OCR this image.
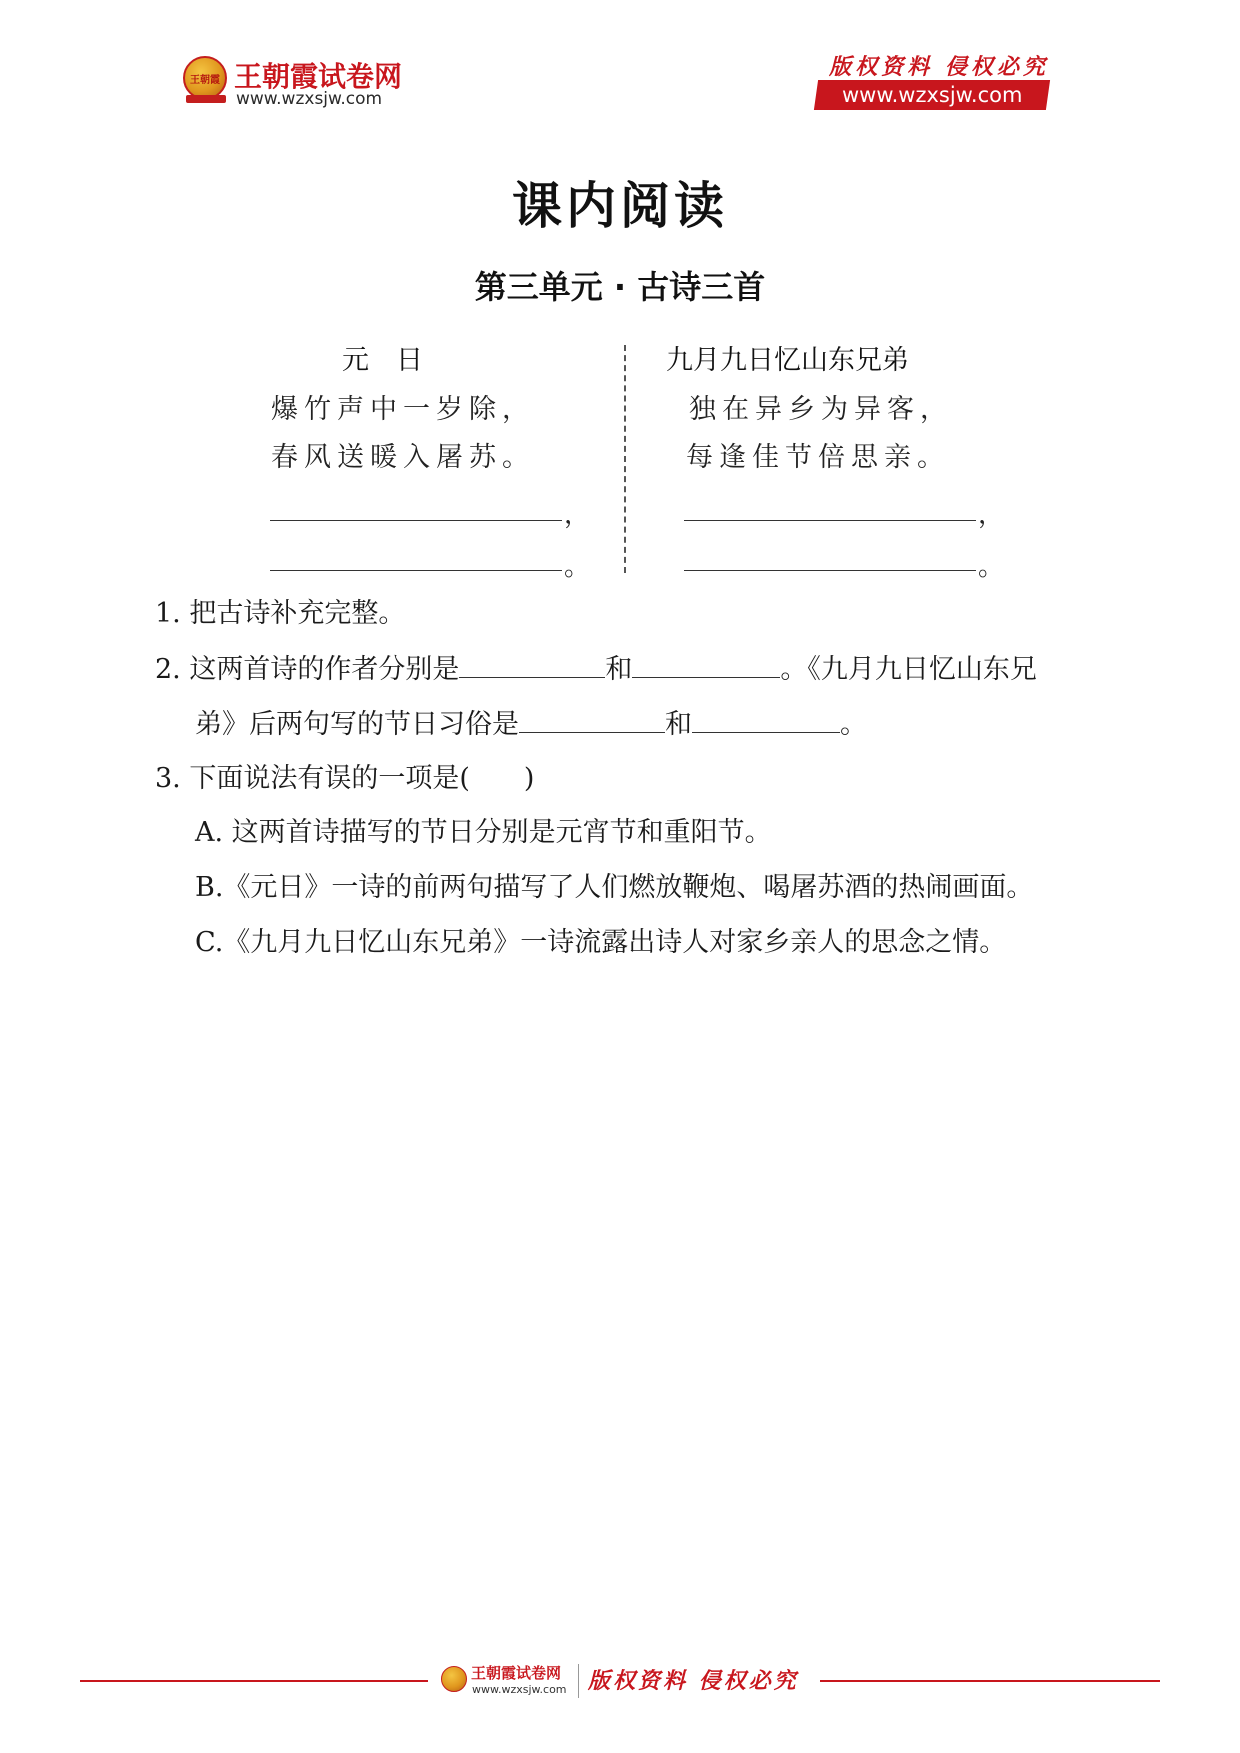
王朝霞 王朝霞试卷网
www.wzxsjw.com
版权资料 侵权必究
www.wzxsjw.com
课内阅读
第三单元 · 古诗三首
元　日
爆竹声中一岁除，
春风送暖入屠苏。
，
。
九月九日忆山东兄弟
独在异乡为异客，
每逢佳节倍思亲。
，
。
1. 把古诗补充完整。
2. 这两首诗的作者分别是	和	。《九月九日忆山东兄
弟》后两句写的节日习俗是	和	。
3. 下面说法有误的一项是(　　)
A. 这两首诗描写的节日分别是元宵节和重阳节。
B.《元日》一诗的前两句描写了人们燃放鞭炮、喝屠苏酒的热闹画面。
C.《九月九日忆山东兄弟》一诗流露出诗人对家乡亲人的思念之情。
王朝霞试卷网
www.wzxsjw.com 版权资料 侵权必究
